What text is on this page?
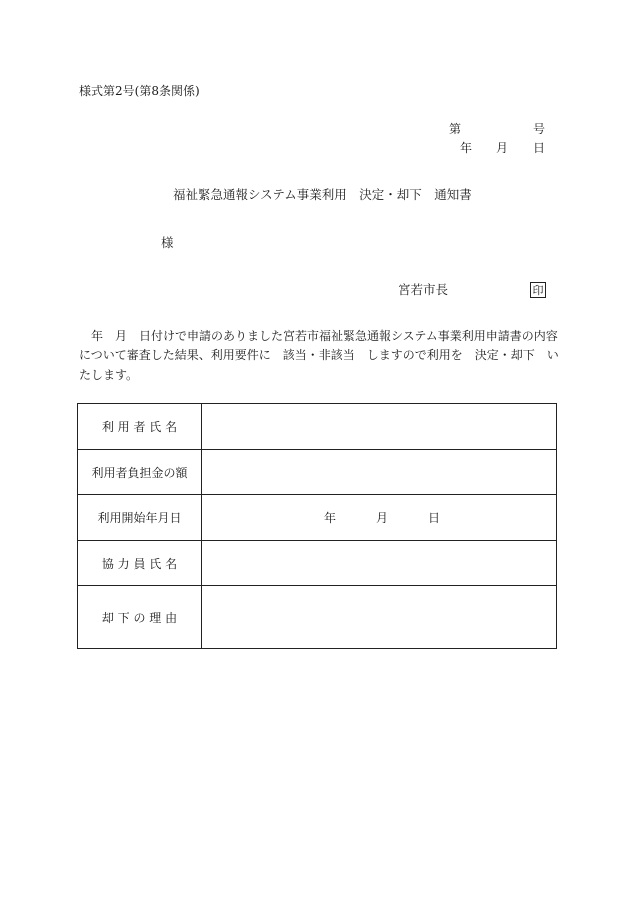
様式第2号(第8条関係)
第	号
年 月 日
福祉緊急通報システム事業利用　決定・却下　通知書
様
宮若市長	印
年　月　日付けで申請のありました宮若市福祉緊急通報システム事業利用申請書の内容
について審査した結果、利用要件に　該当・非該当　しますので利用を　決定・却下　い
たします。
利 用 者 氏 名	
利用者負担金の額	
利用開始年月日	年 月 日

協 力 員 氏 名	
却 下 の 理 由	
